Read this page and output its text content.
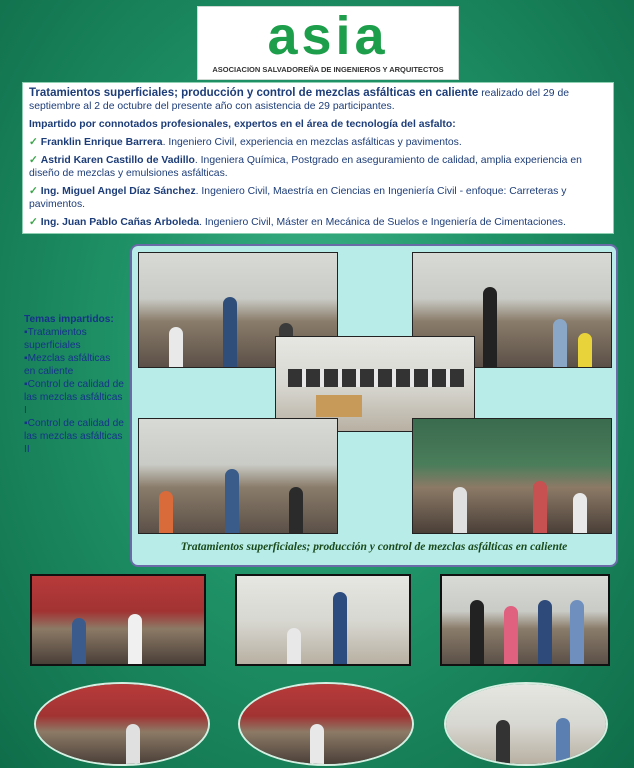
asia
ASOCIACION SALVADOREÑA DE INGENIEROS Y ARQUITECTOS

Tratamientos superficiales; producción y control de mezclas asfálticas en caliente realizado del 29 de septiembre al 2 de octubre del presente año con asistencia de 29 participantes.

Impartido por connotados profesionales, expertos en el área de tecnología del asfalto:

✓ Franklin Enrique Barrera. Ingeniero Civil, experiencia en mezclas asfálticas y pavimentos.

✓ Astrid Karen Castillo de Vadillo. Ingeniera Química, Postgrado en aseguramiento de calidad, amplia experiencia en diseño de mezclas y emulsiones asfálticas.

✓ Ing. Miguel Angel Díaz Sánchez. Ingeniero Civil, Maestría en Ciencias en Ingeniería Civil - enfoque: Carreteras y pavimentos.

✓ Ing. Juan Pablo Cañas Arboleda. Ingeniero Civil, Máster en Mecánica de Suelos e Ingeniería de Cimentaciones.

Temas impartidos:
▪ Tratamientos superficiales
▪ Mezclas asfálticas en caliente
▪ Control de calidad de las mezclas asfálticas I
▪ Control de calidad de las mezclas asfálticas II
Tratamientos superficiales; producción y control de mezclas asfálticas en caliente
